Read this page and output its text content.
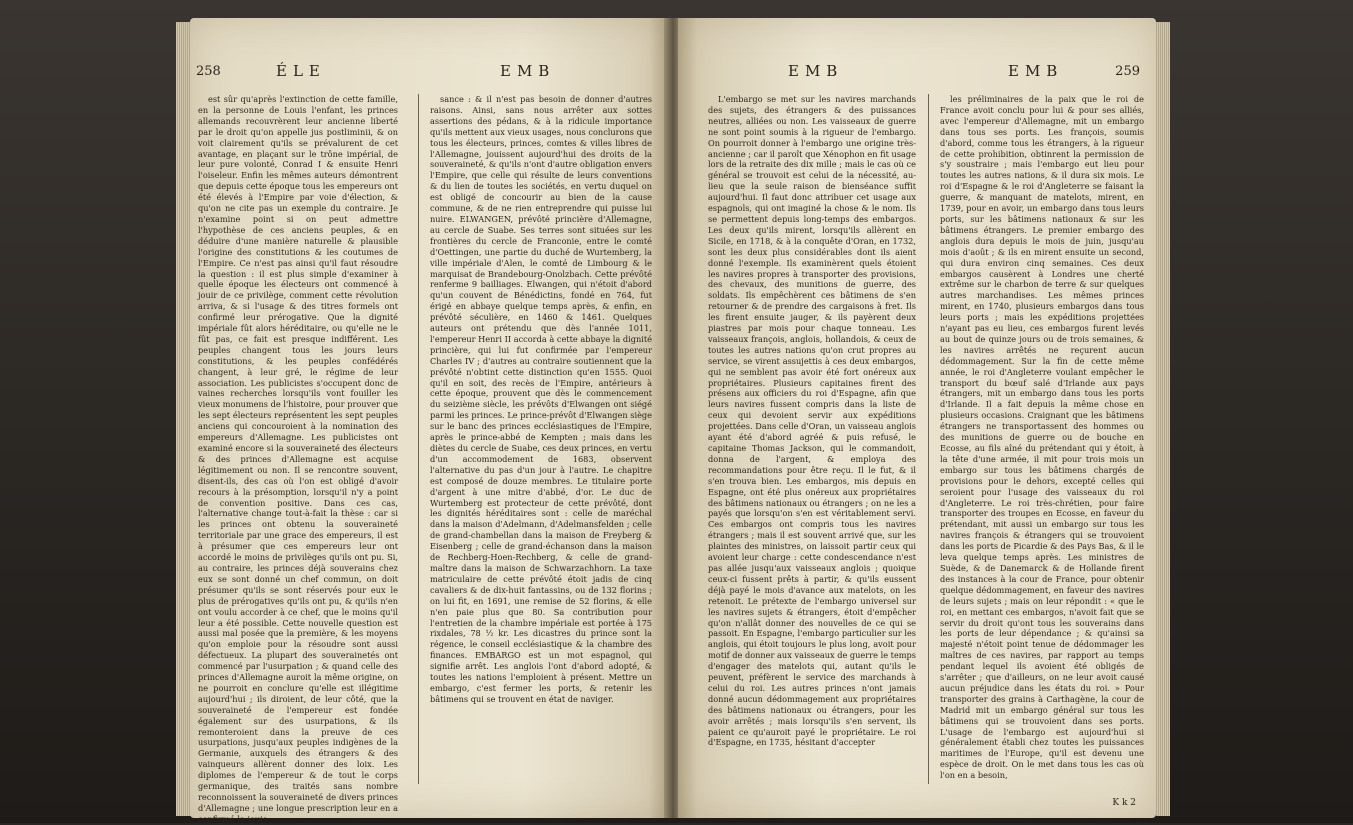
258	ÉLE	EMB

est sûr qu'après l'extinction de cette famille, en la personne de Louis l'enfant, les princes allemands recouvrèrent leur ancienne liberté par le droit qu'on appelle jus postliminii, & on voit clairement qu'ils se prévalurent de cet avantage, en plaçant sur le trône impérial, de leur pure volonté, Conrad I & ensuite Henri l'oiseleur. Enfin les mêmes auteurs démontrent que depuis cette époque tous les empereurs ont été élevés à l'Empire par voie d'élection, & qu'on ne cite pas un exemple du contraire. Je n'examine point si on peut admettre l'hypothèse de ces anciens peuples, & en déduire d'une manière naturelle & plausible l'origine des constitutions & les coutumes de l'Empire. Ce n'est pas ainsi qu'il faut résoudre la question : il est plus simple d'examiner à quelle époque les électeurs ont commencé à jouir de ce privilège, comment cette révolution arriva, & si l'usage & des titres formels ont confirmé leur prérogative. Que la dignité impériale fût alors héréditaire, ou qu'elle ne le fût pas, ce fait est presque indifférent. Les peuples changent tous les jours leurs constitutions, & les peuples confédérés changent, à leur gré, le régime de leur association. Les publicistes s'occupent donc de vaines recherches lorsqu'ils vont fouiller les vieux monumens de l'histoire, pour prouver que les sept électeurs représentent les sept peuples anciens qui concouroient à la nomination des empereurs d'Allemagne. Les publicistes ont examiné encore si la souveraineté des électeurs & des princes d'Allemagne est acquise légitimement ou non. Il se rencontre souvent, disent-ils, des cas où l'on est obligé d'avoir recours à la présomption, lorsqu'il n'y a point de convention positive. Dans ces cas, l'alternative change tout-à-fait la thèse : car si les princes ont obtenu la souveraineté territoriale par une grace des empereurs, il est à présumer que ces empereurs leur ont accordé le moins de privilèges qu'ils ont pu. Si, au contraire, les princes déjà souverains chez eux se sont donné un chef commun, on doit présumer qu'ils se sont réservés pour eux le plus de prérogatives qu'ils ont pu, & qu'ils n'en ont voulu accorder à ce chef, que le moins qu'il leur a été possible. Cette nouvelle question est aussi mal posée que la première, & les moyens qu'on emploie pour la résoudre sont aussi défectueux. La plupart des souverainetés ont commencé par l'usurpation ; & quand celle des princes d'Allemagne auroit la même origine, on ne pourroit en conclure qu'elle est illégitime aujourd'hui ; ils diroient, de leur côté, que la souveraineté de l'empereur est fondée également sur des usurpations, & ils remonteroient dans la preuve de ces usurpations, jusqu'aux peuples indigènes de la Germanie, auxquels des étrangers & des vainqueurs allèrent donner des loix. Les diplomes de l'empereur & de tout le corps germanique, des traités sans nombre reconnoissent la souveraineté de divers princes d'Allemagne ; une longue prescription leur en a confirmé la jouis-

sance : & il n'est pas besoin de donner d'autres raisons. Ainsi, sans nous arrêter aux sottes assertions des pédans, & à la ridicule importance qu'ils mettent aux vieux usages, nous conclurons que tous les électeurs, princes, comtes & villes libres de l'Allemagne, jouissent aujourd'hui des droits de la souveraineté, & qu'ils n'ont d'autre obligation envers l'Empire, que celle qui résulte de leurs conventions & du lien de toutes les sociétés, en vertu duquel on est obligé de concourir au bien de la cause commune, & de ne rien entreprendre qui puisse lui nuire. ELWANGEN, prévôté princière d'Allemagne, au cercle de Suabe. Ses terres sont situées sur les frontières du cercle de Franconie, entre le comté d'Oettingen, une partie du duché de Wurtemberg, la ville impériale d'Alen, le comté de Limbourg & le marquisat de Brandebourg-Onolzbach. Cette prévôté renferme 9 bailliages. Elwangen, qui n'étoit d'abord qu'un couvent de Bénédictins, fondé en 764, fut érigé en abbaye quelque temps après, & enfin, en prévôté séculière, en 1460 & 1461. Quelques auteurs ont prétendu que dès l'année 1011, l'empereur Henri II accorda à cette abbaye la dignité princière, qui lui fut confirmée par l'empereur Charles IV ; d'autres au contraire soutiennent que la prévôté n'obtint cette distinction qu'en 1555. Quoi qu'il en soit, des recès de l'Empire, antérieurs à cette époque, prouvent que dès le commencement du seizième siècle, les prévôts d'Elwangen ont siégé parmi les princes. Le prince-prévôt d'Elwangen siège sur le banc des princes ecclésiastiques de l'Empire, après le prince-abbé de Kempten ; mais dans les diètes du cercle de Suabe, ces deux princes, en vertu d'un accommodement de 1683, observent l'alternative du pas d'un jour à l'autre. Le chapitre est composé de douze membres. Le titulaire porte d'argent à une mitre d'abbé, d'or. Le duc de Wurtemberg est protecteur de cette prévôté, dont les dignités héréditaires sont : celle de maréchal dans la maison d'Adelmann, d'Adelmansfelden ; celle de grand-chambellan dans la maison de Freyberg & Eisenberg ; celle de grand-échanson dans la maison de Rechberg-Hoen-Rechberg, & celle de grand-maître dans la maison de Schwarzachhorn. La taxe matriculaire de cette prévôté étoit jadis de cinq cavaliers & de dix-huit fantassins, ou de 132 florins ; on lui fit, en 1691, une remise de 52 florins, & elle n'en paie plus que 80. Sa contribution pour l'entretien de la chambre impériale est portée à 175 rixdales, 78 ½ kr. Les dicastres du prince sont la régence, le conseil ecclésiastique & la chambre des finances. EMBARGO est un mot espagnol, qui signifie arrêt. Les anglois l'ont d'abord adopté, & toutes les nations l'emploient à présent. Mettre un embargo, c'est fermer les ports, & retenir les bâtimens qui se trouvent en état de naviger.

EMB	EMB	259

L'embargo se met sur les navires marchands des sujets, des étrangers & des puissances neutres, alliées ou non. Les vaisseaux de guerre ne sont point soumis à la rigueur de l'embargo. On pourroit donner à l'embargo une origine très-ancienne ; car il paroît que Xénophon en fit usage lors de la retraite des dix mille ; mais le cas où ce général se trouvoit est celui de la nécessité, au-lieu que la seule raison de bienséance suffit aujourd'hui. Il faut donc attribuer cet usage aux espagnols, qui ont imaginé la chose & le nom. Ils se permettent depuis long-temps des embargos. Les deux qu'ils mirent, lorsqu'ils allèrent en Sicile, en 1718, & à la conquête d'Oran, en 1732, sont les deux plus considérables dont ils aient donné l'exemple. Ils examinèrent quels étoient les navires propres à transporter des provisions, des chevaux, des munitions de guerre, des soldats. Ils empêchèrent ces bâtimens de s'en retourner & de prendre des cargaisons à fret. Ils les firent ensuite jauger, & ils payèrent deux piastres par mois pour chaque tonneau. Les vaisseaux françois, anglois, hollandois, & ceux de toutes les autres nations qu'on crut propres au service, se virent assujettis à ces deux embargos, qui ne semblent pas avoir été fort onéreux aux propriétaires. Plusieurs capitaines firent des présens aux officiers du roi d'Espagne, afin que leurs navires fussent compris dans la liste de ceux qui devoient servir aux expéditions projettées. Dans celle d'Oran, un vaisseau anglois ayant été d'abord agréé & puis refusé, le capitaine Thomas Jackson, qui le commandoit, donna de l'argent, & employa des recommandations pour être reçu. Il le fut, & il s'en trouva bien. Les embargos, mis depuis en Espagne, ont été plus onéreux aux propriétaires des bâtimens nationaux ou étrangers ; on ne les a payés que lorsqu'on s'en est véritablement servi. Ces embargos ont compris tous les navires étrangers ; mais il est souvent arrivé que, sur les plaintes des ministres, on laissoit partir ceux qui avoient leur charge : cette condescendance n'est pas allée jusqu'aux vaisseaux anglois ; quoique ceux-ci fussent prêts à partir, & qu'ils eussent déjà payé le mois d'avance aux matelots, on les retenoit. Le prétexte de l'embargo universel sur les navires sujets & étrangers, étoit d'empêcher qu'on n'allât donner des nouvelles de ce qui se passoit. En Espagne, l'embargo particulier sur les anglois, qui étoit toujours le plus long, avoit pour motif de donner aux vaisseaux de guerre le temps d'engager des matelots qui, autant qu'ils le peuvent, préfèrent le service des marchands à celui du roi. Les autres princes n'ont jamais donné aucun dédommagement aux propriétaires des bâtimens nationaux ou étrangers, pour les avoir arrêtés ; mais lorsqu'ils s'en servent, ils paient ce qu'auroit payé le propriétaire. Le roi d'Espagne, en 1735, hésitant d'accepter

les préliminaires de la paix que le roi de France avoit conclu pour lui & pour ses alliés, avec l'empereur d'Allemagne, mit un embargo dans tous ses ports. Les françois, soumis d'abord, comme tous les étrangers, à la rigueur de cette prohibition, obtinrent la permission de s'y soustraire ; mais l'embargo eut lieu pour toutes les autres nations, & il dura six mois. Le roi d'Espagne & le roi d'Angleterre se faisant la guerre, & manquant de matelots, mirent, en 1739, pour en avoir, un embargo dans tous leurs ports, sur les bâtimens nationaux & sur les bâtimens étrangers. Le premier embargo des anglois dura depuis le mois de juin, jusqu'au mois d'août ; & ils en mirent ensuite un second, qui dura environ cinq semaines. Ces deux embargos causèrent à Londres une cherté extrême sur le charbon de terre & sur quelques autres marchandises. Les mêmes princes mirent, en 1740, plusieurs embargos dans tous leurs ports ; mais les expéditions projettées n'ayant pas eu lieu, ces embargos furent levés au bout de quinze jours ou de trois semaines, & les navires arrêtés ne reçurent aucun dédommagement. Sur la fin de cette même année, le roi d'Angleterre voulant empêcher le transport du bœuf salé d'Irlande aux pays étrangers, mit un embargo dans tous les ports d'Irlande. Il a fait depuis la même chose en plusieurs occasions. Craignant que les bâtimens étrangers ne transportassent des hommes ou des munitions de guerre ou de bouche en Ecosse, au fils aîné du prétendant qui y étoit, à la tête d'une armée, il mit pour trois mois un embargo sur tous les bâtimens chargés de provisions pour le dehors, excepté celles qui seroient pour l'usage des vaisseaux du roi d'Angleterre. Le roi très-chrétien, pour faire transporter des troupes en Ecosse, en faveur du prétendant, mit aussi un embargo sur tous les navires françois & étrangers qui se trouvoient dans les ports de Picardie & des Pays Bas, & il le leva quelque temps après. Les ministres de Suède, & de Danemarck & de Hollande firent des instances à la cour de France, pour obtenir quelque dédommagement, en faveur des navires de leurs sujets ; mais on leur répondit : « que le roi, en mettant ces embargos, n'avoit fait que se servir du droit qu'ont tous les souverains dans les ports de leur dépendance ; & qu'ainsi sa majesté n'étoit point tenue de dédommager les maîtres de ces navires, par rapport au temps pendant lequel ils avoient été obligés de s'arrêter ; que d'ailleurs, on ne leur avoit causé aucun préjudice dans les états du roi. » Pour transporter des grains à Carthagène, la cour de Madrid mit un embargo général sur tous les bâtimens qui se trouvoient dans ses ports. L'usage de l'embargo est aujourd'hui si généralement établi chez toutes les puissances maritimes de l'Europe, qu'il est devenu une espèce de droit. On le met dans tous les cas où l'on en a besoin,

K k 2
